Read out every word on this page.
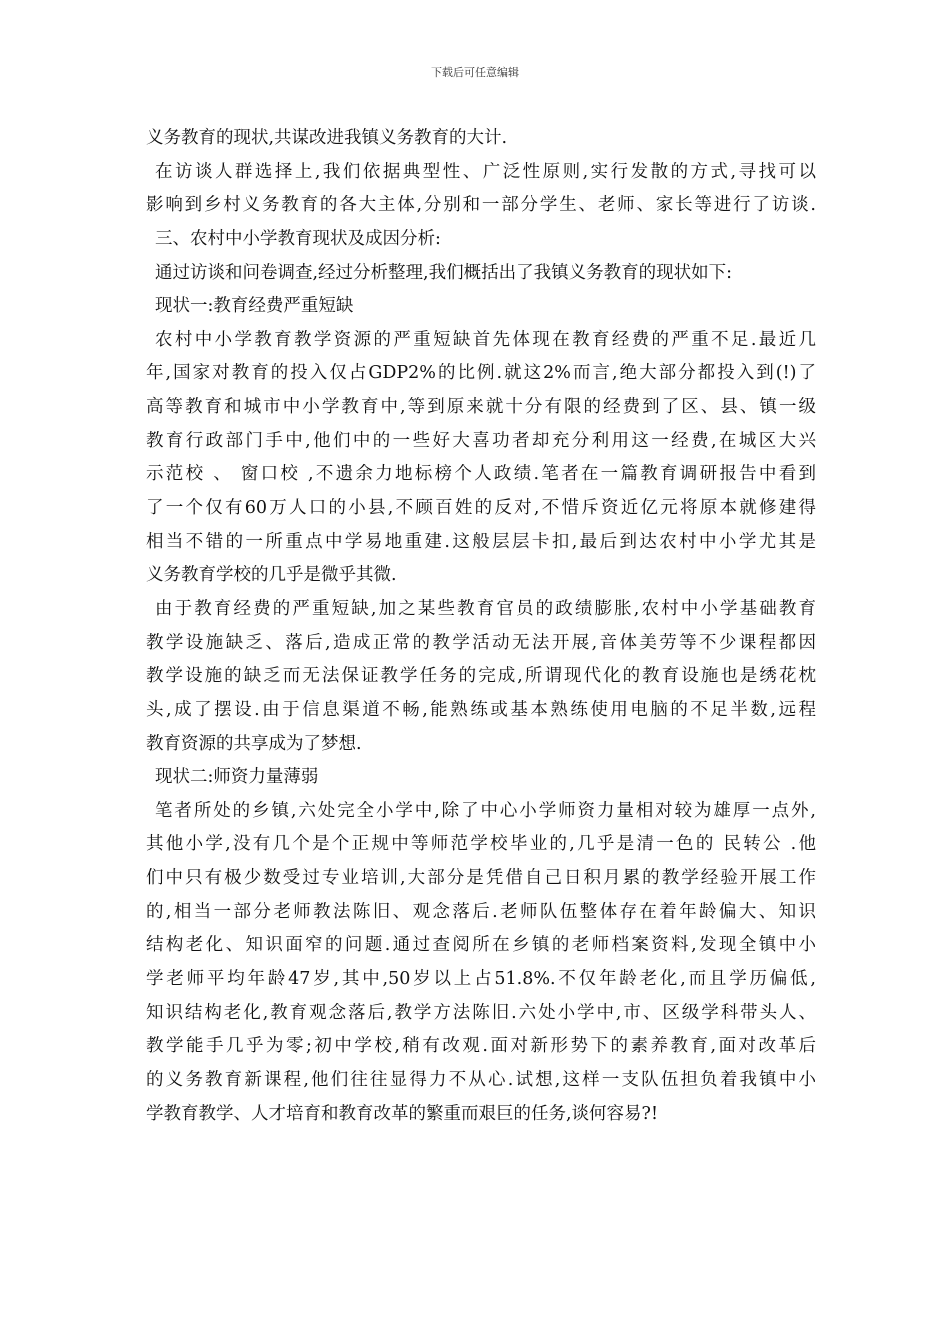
下载后可任意编辑
义务教育的现状,共谋改进我镇义务教育的大计.
在访谈人群选择上,我们依据典型性、广泛性原则,实行发散的方式,寻找可以
影响到乡村义务教育的各大主体,分别和一部分学生、老师、家长等进行了访谈.
三、农村中小学教育现状及成因分析:
通过访谈和问卷调查,经过分析整理,我们概括出了我镇义务教育的现状如下:
现状一:教育经费严重短缺
农村中小学教育教学资源的严重短缺首先体现在教育经费的严重不足.最近几
年,国家对教育的投入仅占GDP2%的比例.就这2%而言,绝大部分都投入到(!)了
高等教育和城市中小学教育中,等到原来就十分有限的经费到了区、县、镇一级
教育行政部门手中,他们中的一些好大喜功者却充分利用这一经费,在城区大兴
示范校 、 窗口校 ,不遗余力地标榜个人政绩.笔者在一篇教育调研报告中看到
了一个仅有60万人口的小县,不顾百姓的反对,不惜斥资近亿元将原本就修建得
相当不错的一所重点中学易地重建.这般层层卡扣,最后到达农村中小学尤其是
义务教育学校的几乎是微乎其微.
由于教育经费的严重短缺,加之某些教育官员的政绩膨胀,农村中小学基础教育
教学设施缺乏、落后,造成正常的教学活动无法开展,音体美劳等不少课程都因
教学设施的缺乏而无法保证教学任务的完成,所谓现代化的教育设施也是绣花枕
头,成了摆设.由于信息渠道不畅,能熟练或基本熟练使用电脑的不足半数,远程
教育资源的共享成为了梦想.
现状二:师资力量薄弱
笔者所处的乡镇,六处完全小学中,除了中心小学师资力量相对较为雄厚一点外,
其他小学,没有几个是个正规中等师范学校毕业的,几乎是清一色的 民转公 .他
们中只有极少数受过专业培训,大部分是凭借自己日积月累的教学经验开展工作
的,相当一部分老师教法陈旧、观念落后.老师队伍整体存在着年龄偏大、知识
结构老化、知识面窄的问题.通过查阅所在乡镇的老师档案资料,发现全镇中小
学老师平均年龄47岁,其中,50岁以上占51.8%.不仅年龄老化,而且学历偏低,
知识结构老化,教育观念落后,教学方法陈旧.六处小学中,市、区级学科带头人、
教学能手几乎为零;初中学校,稍有改观.面对新形势下的素养教育,面对改革后
的义务教育新课程,他们往往显得力不从心.试想,这样一支队伍担负着我镇中小
学教育教学、人才培育和教育改革的繁重而艰巨的任务,谈何容易?!
